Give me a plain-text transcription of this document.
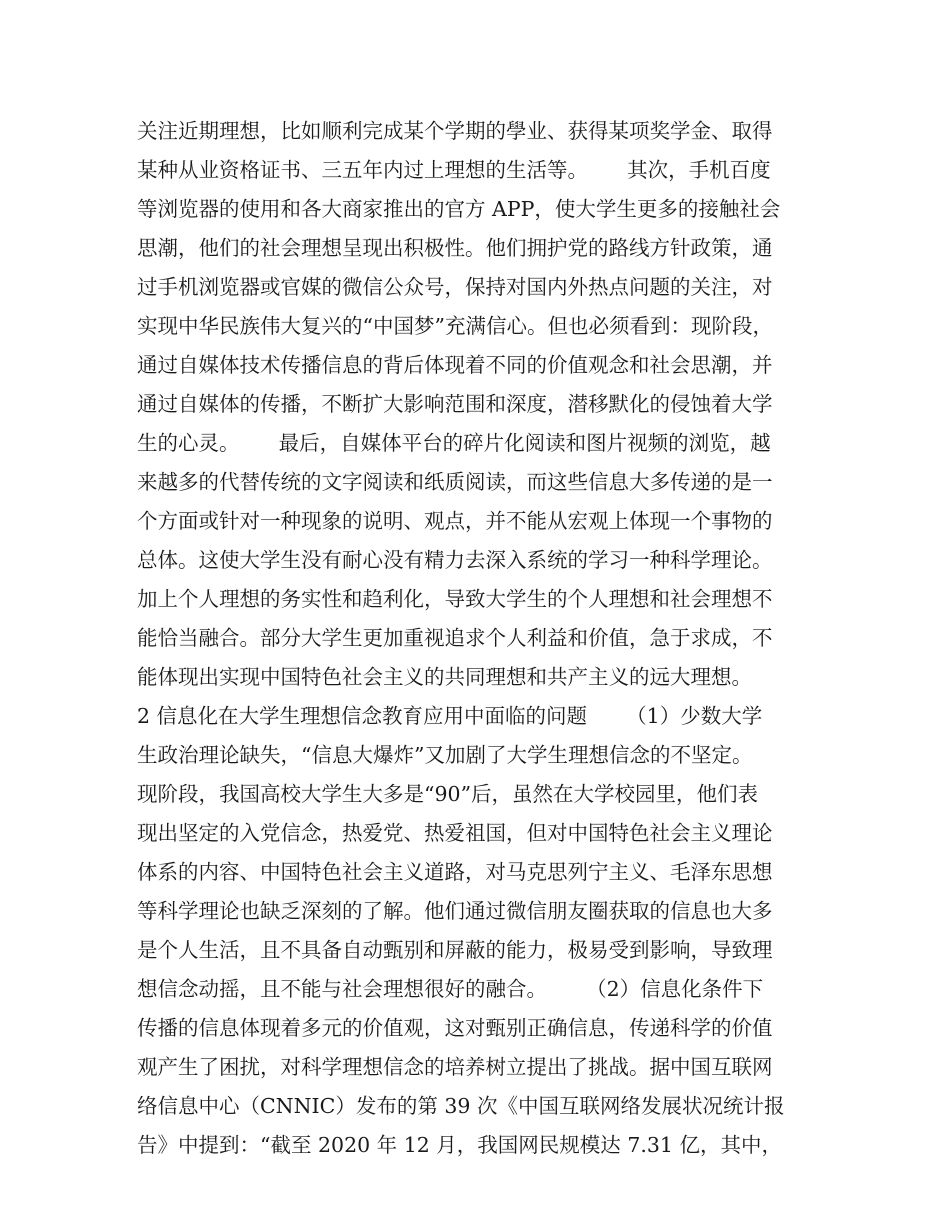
关注近期理想，比如顺利完成某个学期的學业、获得某项奖学金、取得
某种从业资格证书、三五年内过上理想的生活等。      其次，手机百度
等浏览器的使用和各大商家推出的官方 APP，使大学生更多的接触社会
思潮，他们的社会理想呈现出积极性。他们拥护党的路线方针政策，通
过手机浏览器或官媒的微信公众号，保持对国内外热点问题的关注，对
实现中华民族伟大复兴的“中国梦”充满信心。但也必须看到：现阶段，
通过自媒体技术传播信息的背后体现着不同的价值观念和社会思潮，并
通过自媒体的传播，不断扩大影响范围和深度，潜移默化的侵蚀着大学
生的心灵。      最后，自媒体平台的碎片化阅读和图片视频的浏览，越
来越多的代替传统的文字阅读和纸质阅读，而这些信息大多传递的是一
个方面或针对一种现象的说明、观点，并不能从宏观上体现一个事物的
总体。这使大学生没有耐心没有精力去深入系统的学习一种科学理论。
加上个人理想的务实性和趋利化，导致大学生的个人理想和社会理想不
能恰当融合。部分大学生更加重视追求个人利益和价值，急于求成，不
能体现出实现中国特色社会主义的共同理想和共产主义的远大理想。
2 信息化在大学生理想信念教育应用中面临的问题      （1）少数大学
生政治理论缺失，“信息大爆炸”又加剧了大学生理想信念的不坚定。
现阶段，我国高校大学生大多是“90”后，虽然在大学校园里，他们表
现出坚定的入党信念，热爱党、热爱祖国，但对中国特色社会主义理论
体系的内容、中国特色社会主义道路，对马克思列宁主义、毛泽东思想
等科学理论也缺乏深刻的了解。他们通过微信朋友圈获取的信息也大多
是个人生活，且不具备自动甄别和屏蔽的能力，极易受到影响，导致理
想信念动摇，且不能与社会理想很好的融合。      （2）信息化条件下
传播的信息体现着多元的价值观，这对甄别正确信息，传递科学的价值
观产生了困扰，对科学理想信念的培养树立提出了挑战。据中国互联网
络信息中心（CNNIC）发布的第 39 次《中国互联网络发展状况统计报
告》中提到：“截至 2020 年 12 月，我国网民规模达 7.31 亿，其中，
